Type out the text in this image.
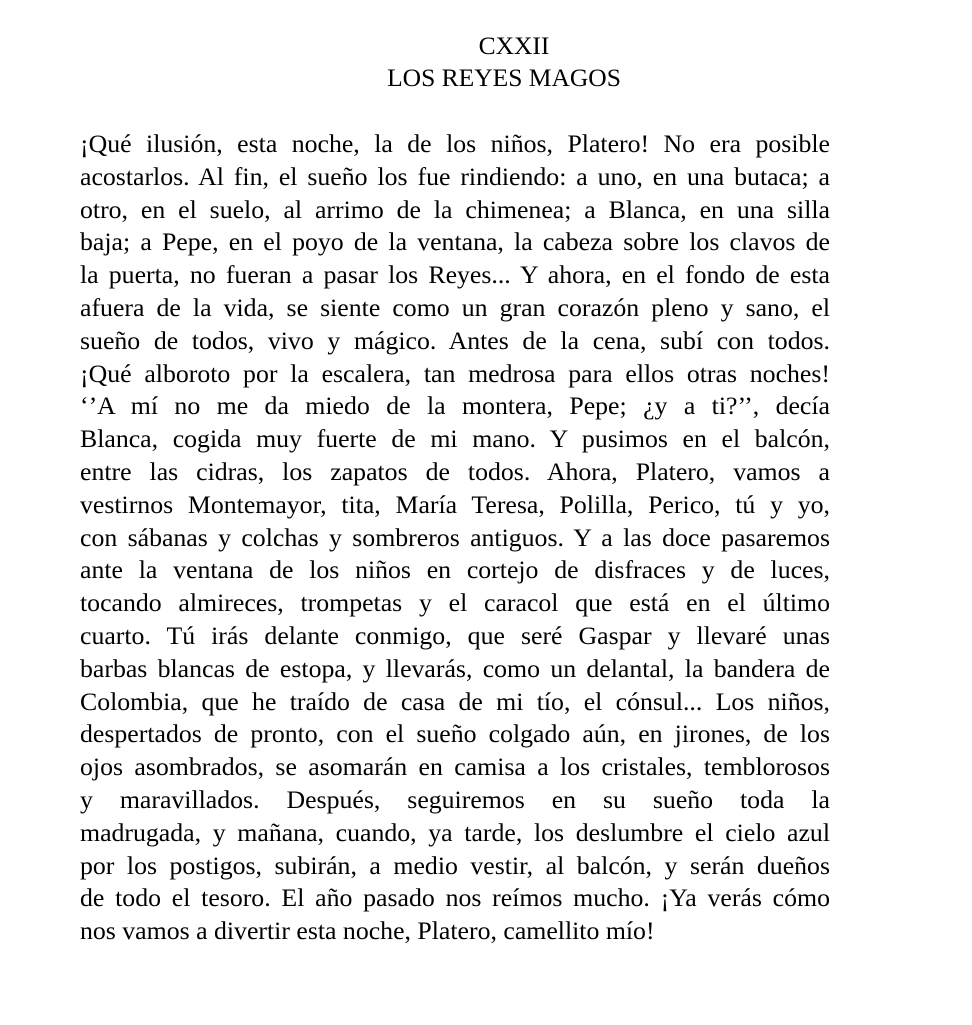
CXXII
LOS REYES MAGOS
¡Qué ilusión, esta noche, la de los niños, Platero! No era posible
acostarlos. Al fin, el sueño los fue rindiendo: a uno, en una butaca; a
otro, en el suelo, al arrimo de la chimenea; a Blanca, en una silla
baja; a Pepe, en el poyo de la ventana, la cabeza sobre los clavos de
la puerta, no fueran a pasar los Reyes... Y ahora, en el fondo de esta
afuera de la vida, se siente como un gran corazón pleno y sano, el
sueño de todos, vivo y mágico. Antes de la cena, subí con todos.
¡Qué alboroto por la escalera, tan medrosa para ellos otras noches!
‘’A mí no me da miedo de la montera, Pepe; ¿y a ti?’’, decía
Blanca, cogida muy fuerte de mi mano. Y pusimos en el balcón,
entre las cidras, los zapatos de todos. Ahora, Platero, vamos a
vestirnos Montemayor, tita, María Teresa, Polilla, Perico, tú y yo,
con sábanas y colchas y sombreros antiguos. Y a las doce pasaremos
ante la ventana de los niños en cortejo de disfraces y de luces,
tocando almireces, trompetas y el caracol que está en el último
cuarto. Tú irás delante conmigo, que seré Gaspar y llevaré unas
barbas blancas de estopa, y llevarás, como un delantal, la bandera de
Colombia, que he traído de casa de mi tío, el cónsul... Los niños,
despertados de pronto, con el sueño colgado aún, en jirones, de los
ojos asombrados, se asomarán en camisa a los cristales, temblorosos
y maravillados. Después, seguiremos en su sueño toda la
madrugada, y mañana, cuando, ya tarde, los deslumbre el cielo azul
por los postigos, subirán, a medio vestir, al balcón, y serán dueños
de todo el tesoro. El año pasado nos reímos mucho. ¡Ya verás cómo
nos vamos a divertir esta noche, Platero, camellito mío!
